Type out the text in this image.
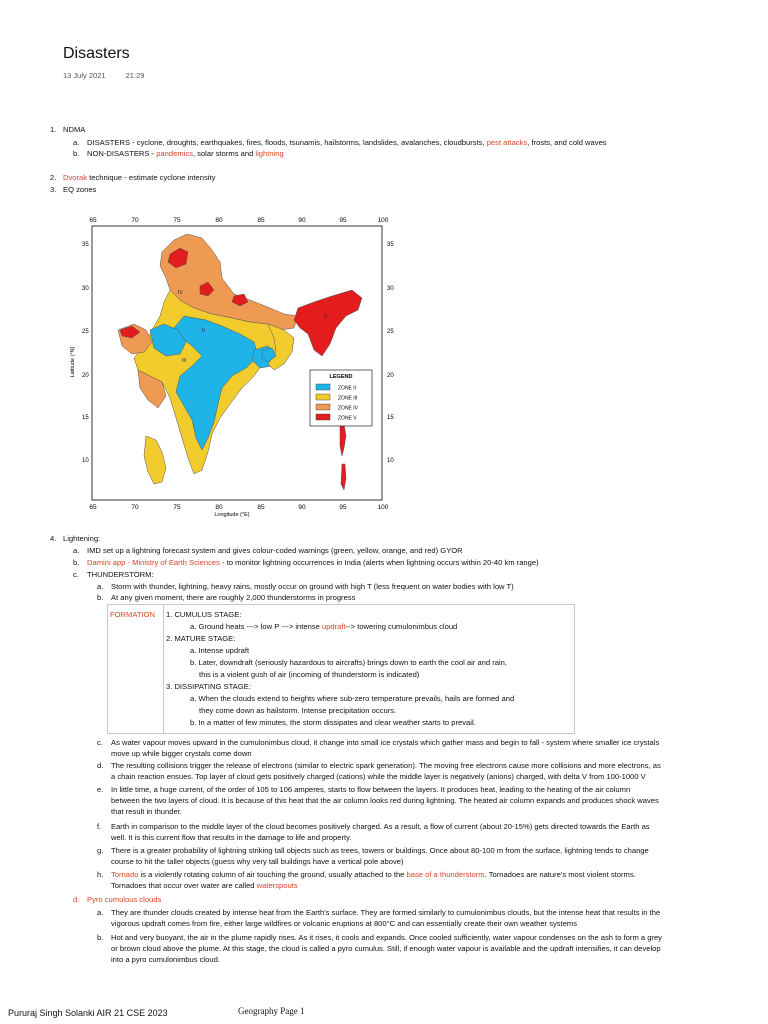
Disasters
13 July 2021	21:29
1. NDMA
a. DISASTERS - cyclone, droughts, earthquakes, fires, floods, tsunamis, hailstorms, landslides, avalanches, cloudbursts, pest attacks, frosts, and cold waves
b. NON-DISASTERS - pandemics, solar storms and lightning
2. Dvorak technique - estimate cyclone intensity
3. EQ zones
65	70	75	80	85	90	95	100
65	70	75	80	85	90	95	100
35
30
25
20
15
10
35
30
25
20
15
10
Longitude (°E)
Latitude (°N)
II
III
IV
V
LEGEND
ZONE II
ZONE III
ZONE IV
ZONE V
4. Lightening:
a. IMD set up a lightning forecast system and gives colour-coded warnings (green, yellow, orange, and red) GYOR
b. Damini app - Ministry of Earth Sciences - to monitor lightning occurrences in India (alerts when lightning occurs within 20-40 km range)
c. THUNDERSTORM:
a. Storm with thunder, lightning, heavy rains, mostly occur on ground with high T (less frequent on water bodies with low T)
b. At any given moment, there are roughly 2,000 thunderstorms in progress
FORMATION 1. CUMULUS STAGE:
a. Ground heats ---> low P ---> intense updraft--> towering cumulonimbus cloud
2. MATURE STAGE:
a. Intense updraft
b. Later, downdraft (seriously hazardous to aircrafts) brings down to earth the cool air and rain,
this is a violent gush of air (incoming of thunderstorm is indicated)
3. DISSIPATING STAGE:
a. When the clouds extend to heights where sub-zero temperature prevails, hails are formed and
they come down as hailstorm. Intense precipitation occurs.
b. In a matter of few minutes, the storm dissipates and clear weather starts to prevail.
c. As water vapour moves upward in the cumulonimbus cloud, it change into small ice crystals which gather mass and begin to fall - system where smaller ice crystals
move up while bigger crystals come down
d. The resulting collisions trigger the release of electrons (similar to electric spark generation). The moving free electrons cause more collisions and more electrons, as
a chain reaction ensues. Top layer of cloud gets positively charged (cations) while the middle layer is negatively (anions) charged, with delta V from 100-1000 V
e. In little time, a huge current, of the order of 105 to 106 amperes, starts to flow between the layers. It produces heat, leading to the heating of the air column
between the two layers of cloud. It is because of this heat that the air column looks red during lightning. The heated air column expands and produces shock waves
that result in thunder.
f. Earth in comparison to the middle layer of the cloud becomes positively charged. As a result, a flow of current (about 20-15%) gets directed towards the Earth as
well. It is this current flow that results in the damage to life and property.
g. There is a greater probability of lightning striking tall objects such as trees, towers or buildings. Once about 80-100 m from the surface, lightning tends to change
course to hit the taller objects (guess why very tall buildings have a vertical pole above)
h. Tornado is a violently rotating column of air touching the ground, usually attached to the base of a thunderstorm. Tornadoes are nature's most violent storms.
Tornadoes that occur over water are called waterspouts
d. Pyro cumulous clouds
a. They are thunder clouds created by intense heat from the Earth's surface. They are formed similarly to cumulonimbus clouds, but the intense heat that results in the
vigorous updraft comes from fire, either large wildfires or volcanic eruptions at 800°C and can essentially create their own weather systems
b. Hot and very buoyant, the air in the plume rapidly rises. As it rises, it cools and expands. Once cooled sufficiently, water vapour condenses on the ash to form a grey
or brown cloud above the plume. At this stage, the cloud is called a pyro cumulus. Still, if enough water vapour is available and the updraft intensifies, it can develop
into a pyro cumulonimbus cloud.
Pururaj Singh Solanki AIR 21 CSE 2023	Geography Page 1
